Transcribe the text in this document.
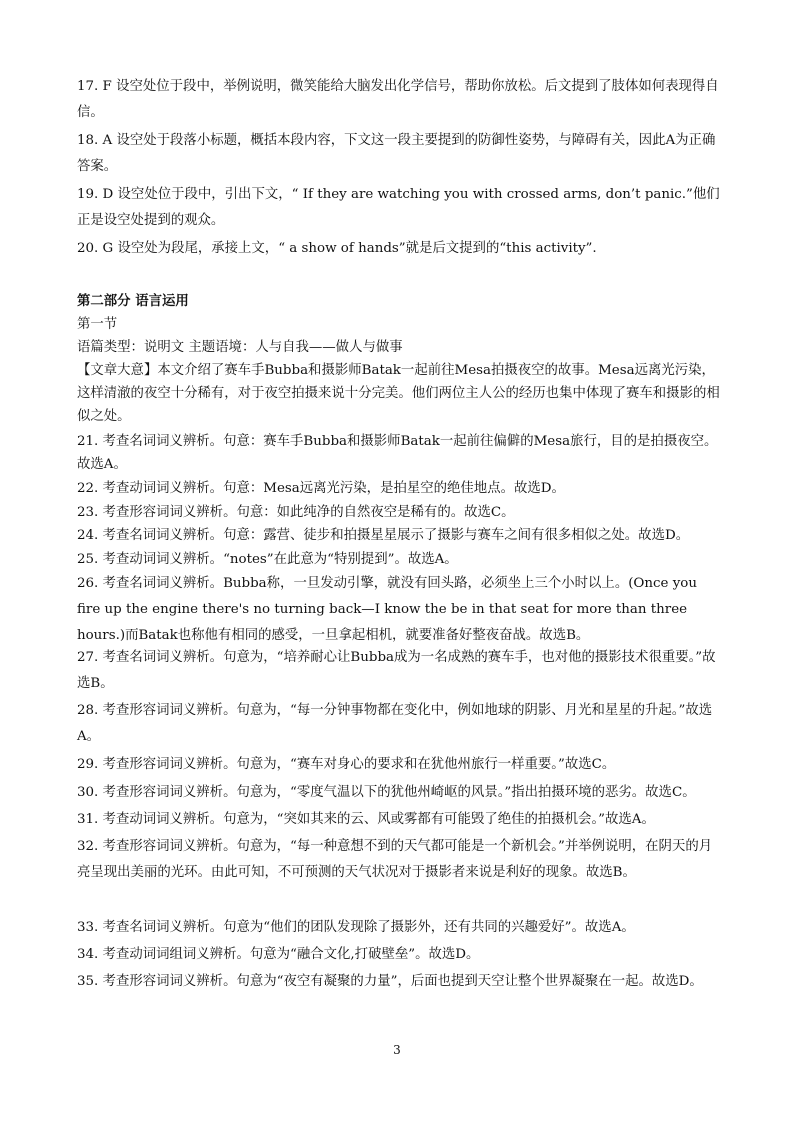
17. F 设空处位于段中，举例说明，微笑能给大脑发出化学信号，帮助你放松。后文提到了肢体如何表现得自信。

18. A 设空处于段落小标题，概括本段内容，下文这一段主要提到的防御性姿势，与障碍有关，因此A为正确答案。

19. D 设空处位于段中，引出下文，“ If they are watching you with crossed arms, don’t panic.”他们正是设空处提到的观众。

20. G 设空处为段尾，承接上文，“ a show of hands”就是后文提到的“this activity”.

第二部分 语言运用

第一节

语篇类型：说明文 主题语境：人与自我——做人与做事

【文章大意】本文介绍了赛车手Bubba和摄影师Batak一起前往Mesa拍摄夜空的故事。Mesa远离光污染，这样清澈的夜空十分稀有，对于夜空拍摄来说十分完美。他们两位主人公的经历也集中体现了赛车和摄影的相似之处。

21. 考查名词词义辨析。句意：赛车手Bubba和摄影师Batak一起前往偏僻的Mesa旅行，目的是拍摄夜空。故选A。

22. 考查动词词义辨析。句意：Mesa远离光污染，是拍星空的绝佳地点。故选D。

23. 考查形容词词义辨析。句意：如此纯净的自然夜空是稀有的。故选C。

24. 考查名词词义辨析。句意：露营、徒步和拍摄星星展示了摄影与赛车之间有很多相似之处。故选D。

25. 考查动词词义辨析。“notes”在此意为“特别提到”。故选A。

26. 考查名词词义辨析。Bubba称，一旦发动引擎，就没有回头路，必须坐上三个小时以上。(Once you fire up the engine there's no turning back—I know the be in that seat for more than three hours.)而Batak也称他有相同的感受，一旦拿起相机，就要准备好整夜奋战。故选B。

27. 考查名词词义辨析。句意为，“培养耐心让Bubba成为一名成熟的赛车手，也对他的摄影技术很重要。”故选B。

28. 考查形容词词义辨析。句意为，“每一分钟事物都在变化中，例如地球的阴影、月光和星星的升起。”故选A。

29. 考查形容词词义辨析。句意为，“赛车对身心的要求和在犹他州旅行一样重要。”故选C。

30. 考查形容词词义辨析。句意为，“零度气温以下的犹他州崎岖的风景。”指出拍摄环境的恶劣。故选C。

31. 考查动词词义辨析。句意为，“突如其来的云、风或雾都有可能毁了绝佳的拍摄机会。”故选A。

32. 考查形容词词义辨析。句意为，“每一种意想不到的天气都可能是一个新机会。”并举例说明，在阴天的月亮呈现出美丽的光环。由此可知，不可预测的天气状况对于摄影者来说是利好的现象。故选B。

33. 考查名词词义辨析。句意为“他们的团队发现除了摄影外，还有共同的兴趣爱好”。故选A。

34. 考查动词词组词义辨析。句意为“融合文化,打破壁垒”。故选D。

35. 考查形容词词义辨析。句意为“夜空有凝聚的力量”，后面也提到天空让整个世界凝聚在一起。故选D。

3
